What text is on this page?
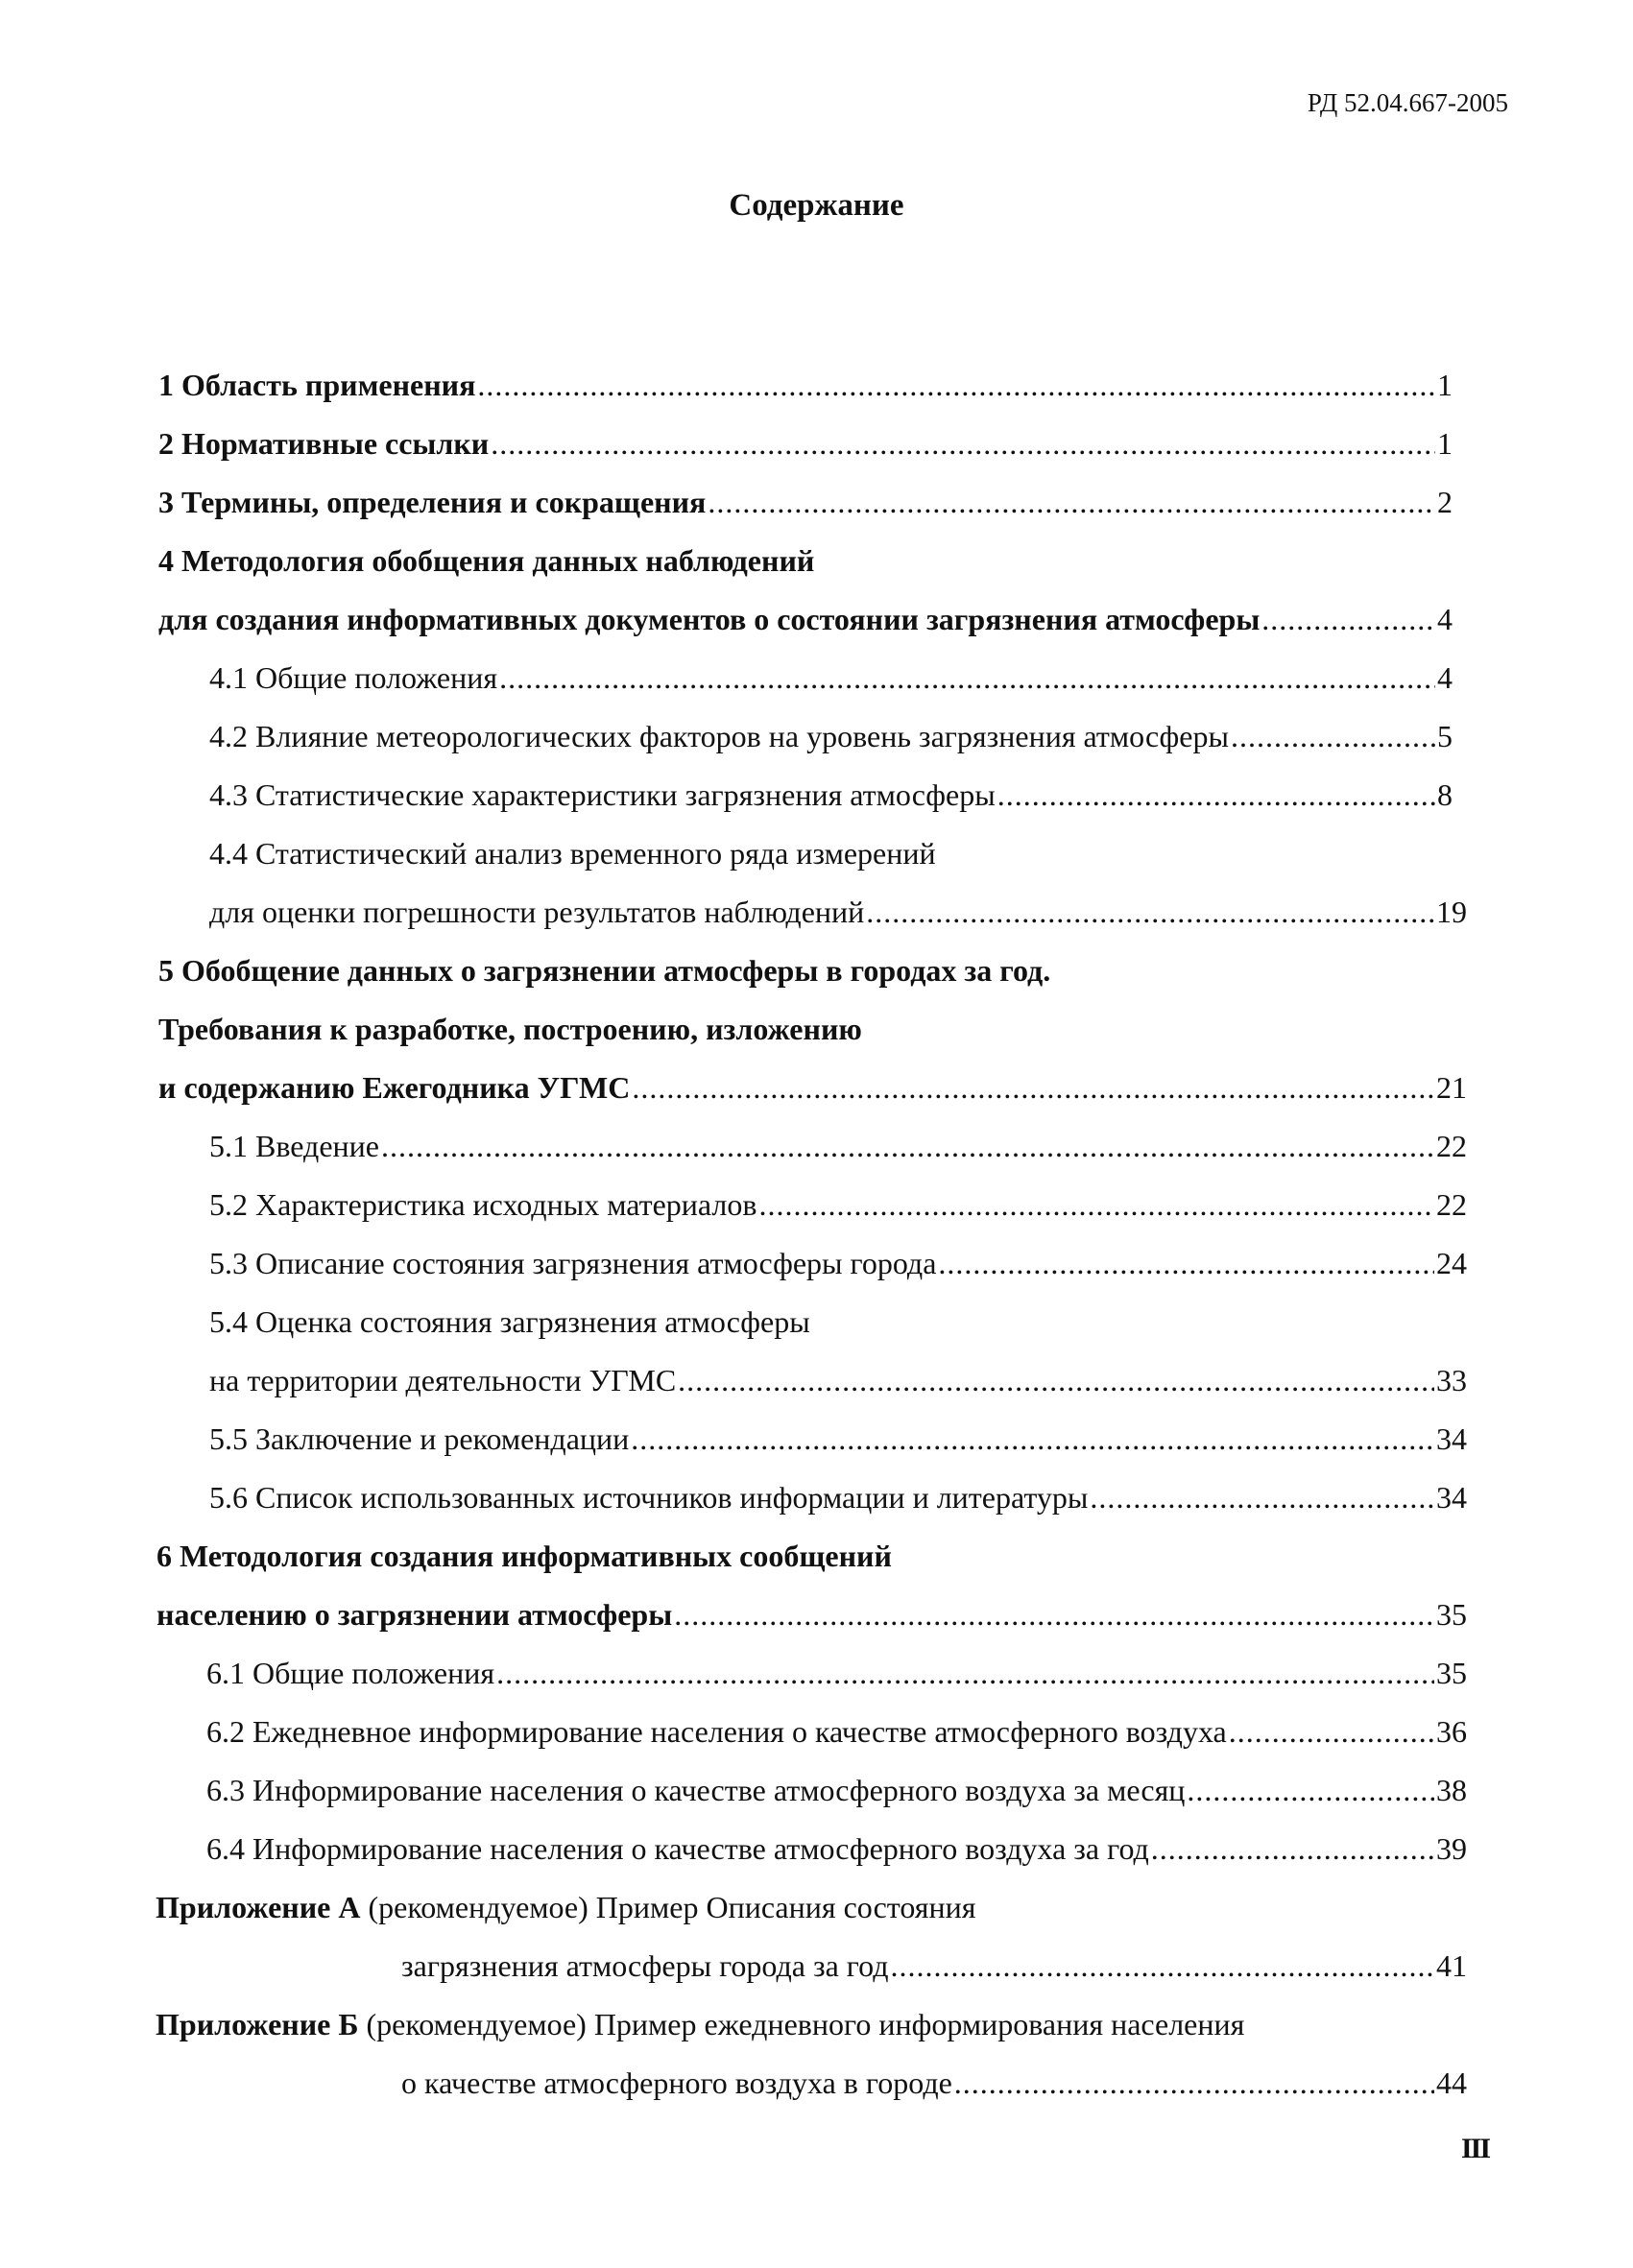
РД 52.04.667-2005
Содержание
1 Область применения .....	1
2 Нормативные ссылки .....	1
3 Термины, определения и сокращения .....	2
4 Методология обобщения данных наблюдений
для создания информативных документов о состоянии загрязнения атмосферы .....	4
4.1 Общие положения .....	4
4.2 Влияние метеорологических факторов на уровень загрязнения атмосферы .....	5
4.3 Статистические характеристики загрязнения атмосферы .....	8
4.4 Статистический анализ временного ряда измерений
для оценки погрешности результатов наблюдений .....	19
5 Обобщение данных о загрязнении атмосферы в городах за год.
Требования к разработке, построению, изложению
и содержанию Ежегодника УГМС .....	21
5.1 Введение .....	22
5.2 Характеристика исходных материалов .....	22
5.3 Описание состояния загрязнения атмосферы города .....	24
5.4 Оценка состояния загрязнения атмосферы
на территории деятельности УГМС .....	33
5.5 Заключение и рекомендации .....	34
5.6 Список использованных источников информации и литературы .....	34
6 Методология создания информативных сообщений
населению о загрязнении атмосферы .....	35
6.1 Общие положения .....	35
6.2 Ежедневное информирование населения о качестве атмосферного воздуха .....	36
6.3 Информирование населения о качестве атмосферного воздуха за месяц .....	38
6.4 Информирование населения о качестве атмосферного воздуха за год .....	39
Приложение А (рекомендуемое) Пример Описания состояния
загрязнения атмосферы города за год .....	41
Приложение Б (рекомендуемое) Пример ежедневного информирования населения
о качестве атмосферного воздуха в городе .....	44
III
